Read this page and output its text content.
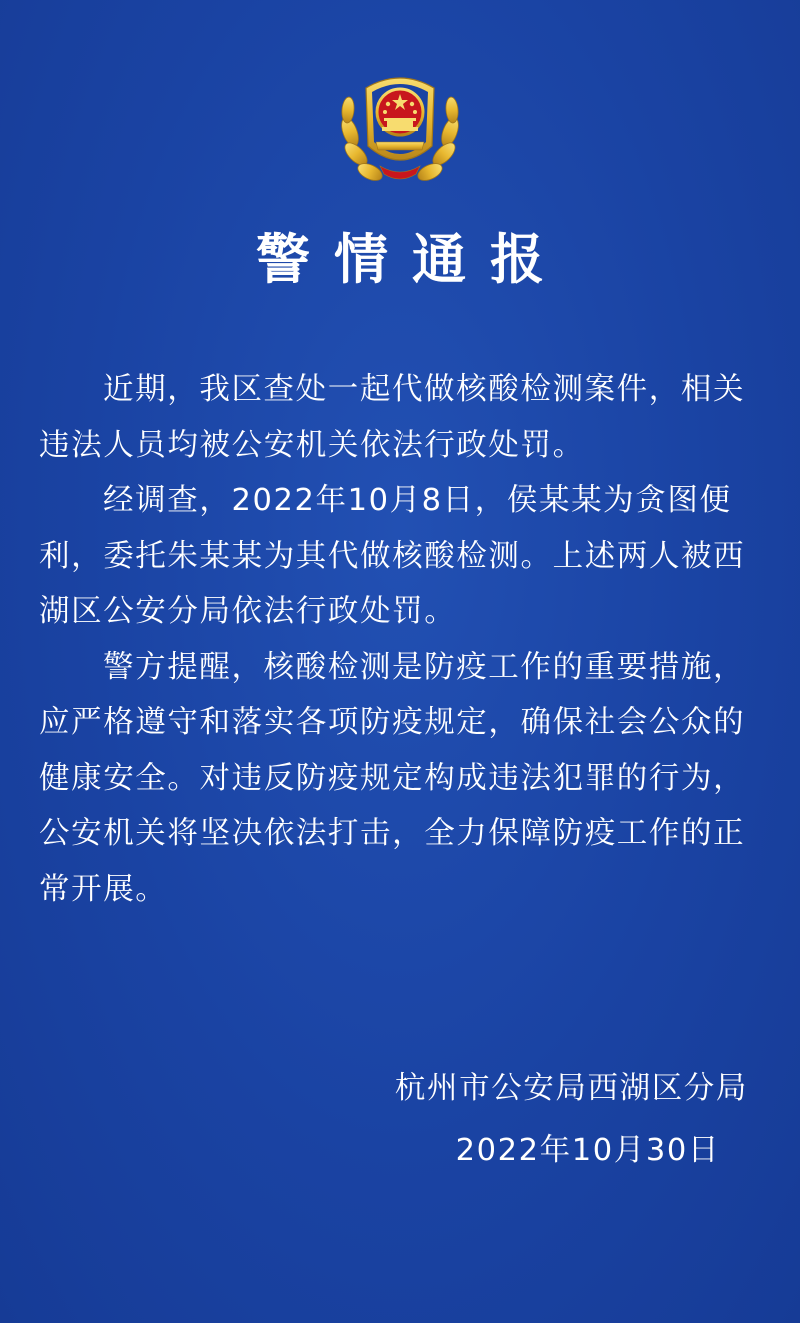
警情通报

近期，我区查处一起代做核酸检测案件，相关违法人员均被公安机关依法行政处罚。

经调查，2022年10月8日，侯某某为贪图便利，委托朱某某为其代做核酸检测。上述两人被西湖区公安分局依法行政处罚。

警方提醒，核酸检测是防疫工作的重要措施，应严格遵守和落实各项防疫规定，确保社会公众的健康安全。对违反防疫规定构成违法犯罪的行为，公安机关将坚决依法打击，全力保障防疫工作的正常开展。

杭州市公安局西湖区分局
2022年10月30日
